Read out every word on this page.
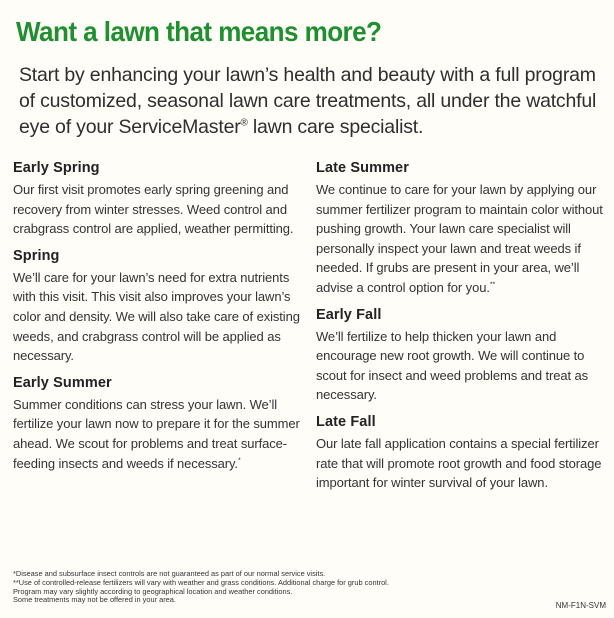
Want a lawn that means more?

Start by enhancing your lawn’s health and beauty with a full program of customized, seasonal lawn care treatments, all under the watchful eye of your ServiceMaster® lawn care specialist.

Early Spring

Our first visit promotes early spring greening and recovery from winter stresses. Weed control and crabgrass control are applied, weather permitting.

Spring

We’ll care for your lawn’s need for extra nutrients with this visit. This visit also improves your lawn’s color and density. We will also take care of existing weeds, and crabgrass control will be applied as necessary.

Early Summer

Summer conditions can stress your lawn. We’ll fertilize your lawn now to prepare it for the summer ahead. We scout for problems and treat surface-feeding insects and weeds if necessary.*

Late Summer

We continue to care for your lawn by applying our summer fertilizer program to maintain color without pushing growth. Your lawn care specialist will personally inspect your lawn and treat weeds if needed. If grubs are present in your area, we’ll advise a control option for you.**

Early Fall

We’ll fertilize to help thicken your lawn and encourage new root growth. We will continue to scout for insect and weed problems and treat as necessary.

Late Fall

Our late fall application contains a special fertilizer rate that will promote root growth and food storage important for winter survival of your lawn.

*Disease and subsurface insect controls are not guaranteed as part of our normal service visits.
**Use of controlled-release fertilizers will vary with weather and grass conditions. Additional charge for grub control.
Program may vary slightly according to geographical location and weather conditions.
Some treatments may not be offered in your area.
NM-F1N-SVM
